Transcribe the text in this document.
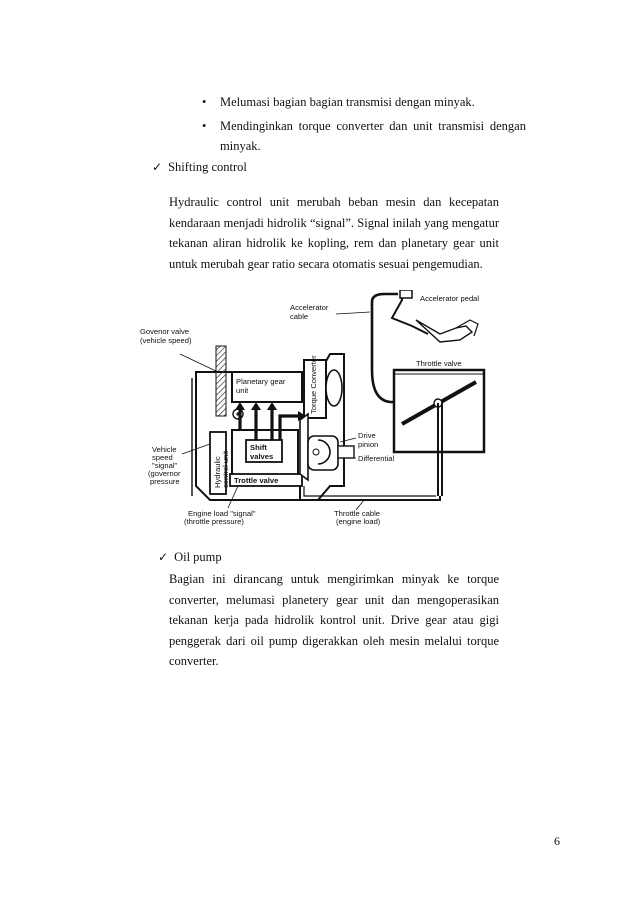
• Melumasi bagian bagian transmisi dengan minyak.
• Mendinginkan torque converter dan unit transmisi dengan minyak.
✓ Shifting control
Hydraulic control unit merubah beban mesin dan kecepatan kendaraan menjadi hidrolik “signal”. Signal inilah yang mengatur tekanan aliran hidrolik ke kopling, rem dan planetary gear unit untuk merubah gear ratio secara otomatis sesuai pengemudian.
Accelerator pedal
Accelerator
cable
Throttle valve
Govenor valve
(vehicle speed)
Planetary gear
unit	Torque Converter
Hydraulic control unit
Shift
valves
Trottle valve
Drive
pinion
Differential
Vehicle
speed
"signal"
(governor
pressure
Engine load "signal"
(throttle pressure)
Throttle cable
(engine load)
✓ Oil pump
Bagian ini dirancang untuk mengirimkan minyak ke torque converter, melumasi planetery gear unit dan mengoperasikan tekanan kerja pada hidrolik kontrol unit. Drive gear atau gigi penggerak dari oil pump digerakkan oleh mesin melalui torque converter.
6
